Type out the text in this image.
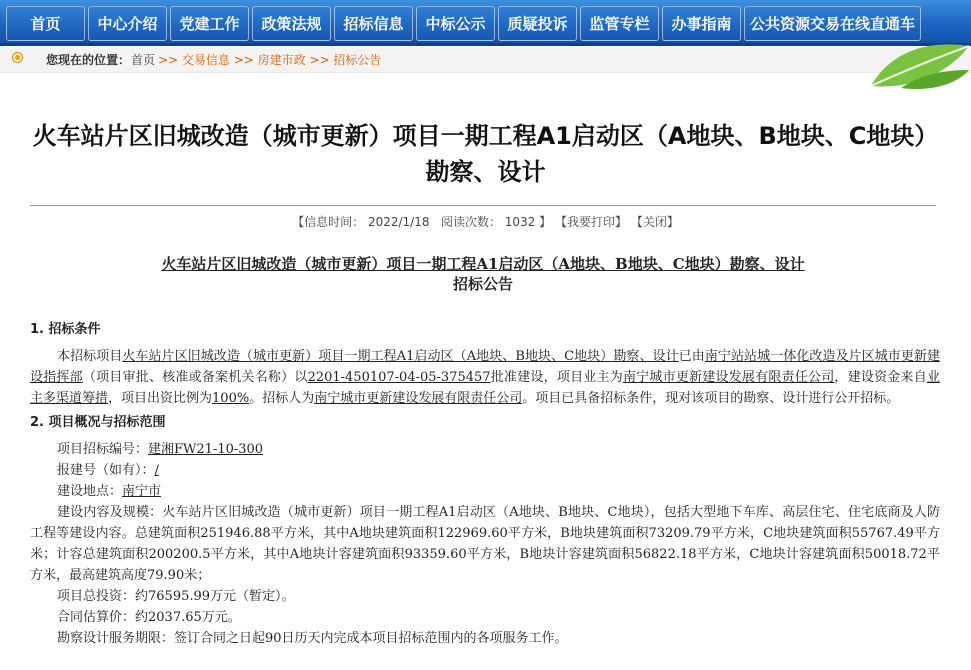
首页	中心介绍	党建工作	政策法规	招标信息	中标公示	质疑投诉	监管专栏	办事指南	公共资源交易在线直通车
您现在的位置： 首页 >> 交易信息 >> 房建市政 >> 招标公告
火车站片区旧城改造（城市更新）项目一期工程A1启动区（A地块、B地块、C地块）勘察、设计
【信息时间： 2022/1/18 阅读次数： 1032 】 【我要打印】 【关闭】
火车站片区旧城改造（城市更新）项目一期工程A1启动区（A地块、B地块、C地块）勘察、设计
招标公告
1. 招标条件
本招标项目火车站片区旧城改造（城市更新）项目一期工程A1启动区（A地块、B地块、C地块）勘察、设计已由南宁站站城一体化改造及片区城市更新建设指挥部（项目审批、核准或备案机关名称）以2201-450107-04-05-375457批准建设，项目业主为南宁城市更新建设发展有限责任公司，建设资金来自业主多渠道筹措，项目出资比例为100%。招标人为南宁城市更新建设发展有限责任公司。项目已具备招标条件，现对该项目的勘察、设计进行公开招标。
2. 项目概况与招标范围
项目招标编号：建湘FW21-10-300
报建号（如有）：/
建设地点：南宁市
建设内容及规模：火车站片区旧城改造（城市更新）项目一期工程A1启动区（A地块、B地块、C地块），包括大型地下车库、高层住宅、住宅底商及人防工程等建设内容。总建筑面积251946.88平方米，其中A地块建筑面积122969.60平方米，B地块建筑面积73209.79平方米，C地块建筑面积55767.49平方米；计容总建筑面积200200.5平方米，其中A地块计容建筑面积93359.60平方米，B地块计容建筑面积56822.18平方米，C地块计容建筑面积50018.72平方米，最高建筑高度79.90米；
项目总投资：约76595.99万元（暂定）。
合同估算价：约2037.65万元。
勘察设计服务期限：签订合同之日起90日历天内完成本项目招标范围内的各项服务工作。
